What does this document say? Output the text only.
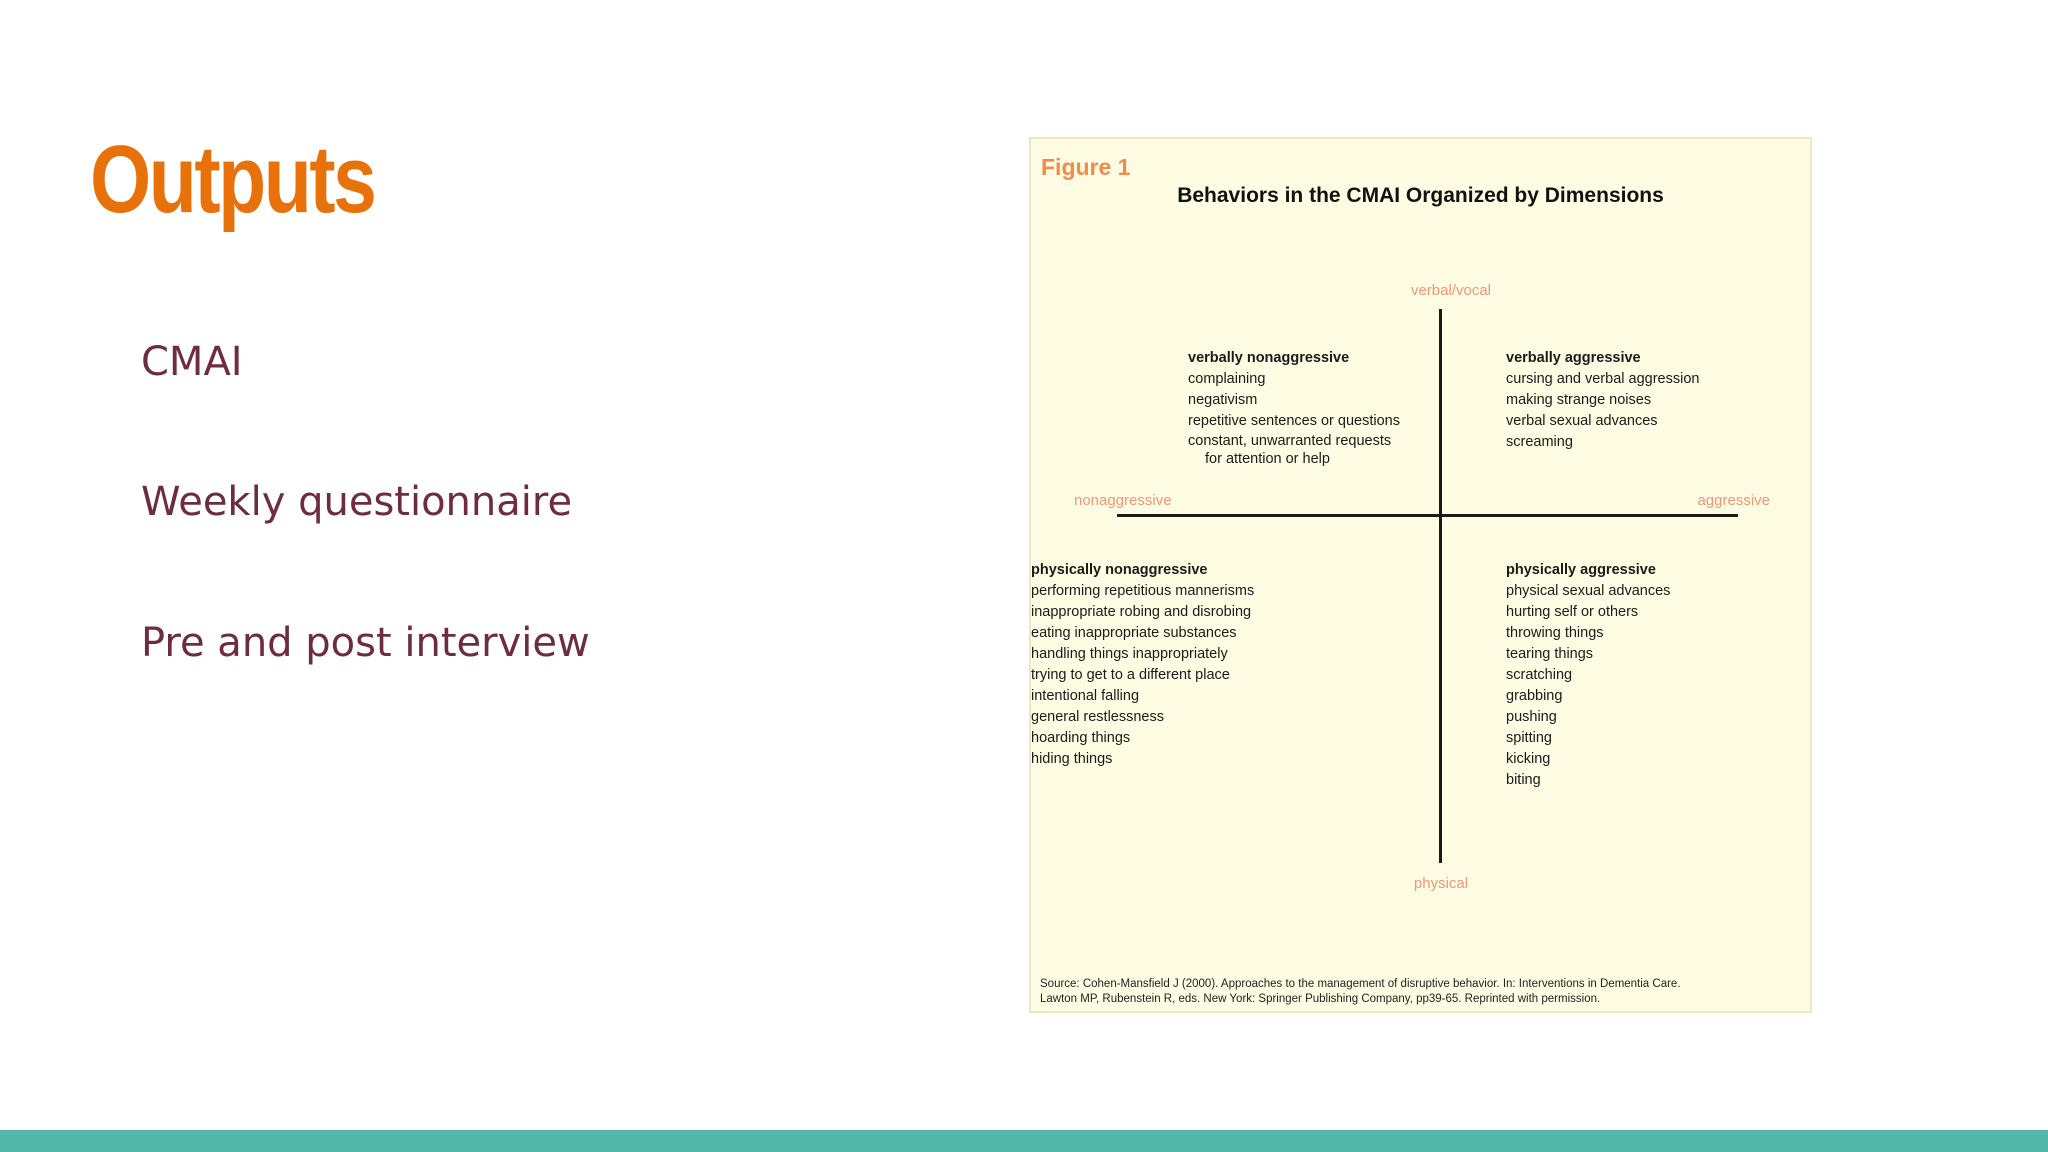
Outputs

CMAI

Weekly questionnaire

Pre and post interview

Figure 1

Behaviors in the CMAI Organized by Dimensions

verbal/vocal

physical

nonaggressive	aggressive

verbally nonaggressive
complaining
negativism
repetitive sentences or questions
constant, unwarranted requests
for attention or help
verbally aggressive
cursing and verbal aggression
making strange noises
verbal sexual advances
screaming
physically nonaggressive
performing repetitious mannerisms
inappropriate robing and disrobing
eating inappropriate substances
handling things inappropriately
trying to get to a different place
intentional falling
general restlessness
hoarding things
hiding things
physically aggressive
physical sexual advances
hurting self or others
throwing things
tearing things
scratching
grabbing
pushing
spitting
kicking
biting

Source: Cohen-Mansfield J (2000). Approaches to the management of disruptive behavior. In: Interventions in Dementia Care.
Lawton MP, Rubenstein R, eds. New York: Springer Publishing Company, pp39-65. Reprinted with permission.
